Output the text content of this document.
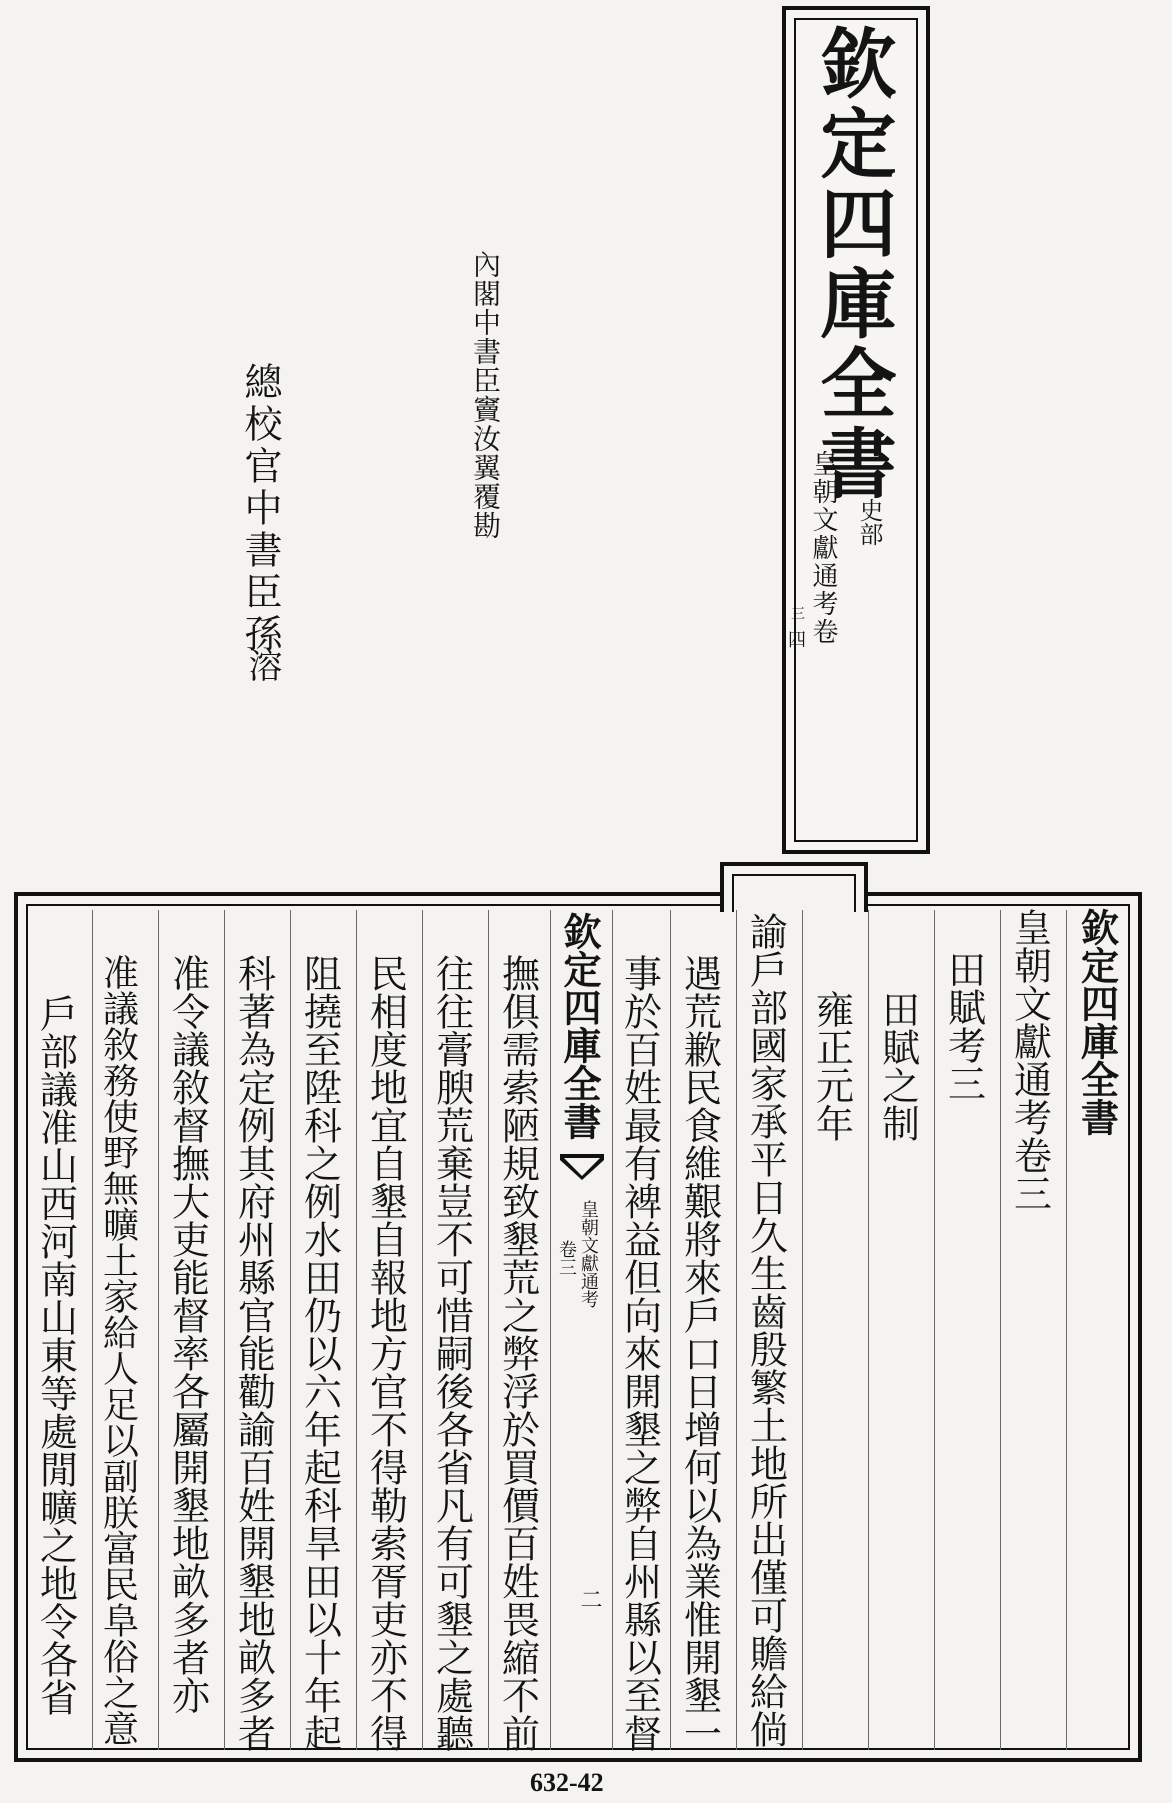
欽定四庫全書
皇朝文獻通考卷
三
四
史部
內閣中書臣竇汝翼覆勘
總校官中書臣孫
溶
欽定四庫全書
皇朝文獻通考卷三
田賦考三
田賦之制
雍正元年
諭戶部國家承平日久生齒殷繁土地所出僅可贍給倘
遇荒歉民食維艱將來戶口日增何以為業惟開墾一
事於百姓最有裨益但向來開墾之弊自州縣以至督
欽定四庫全書
皇朝文獻通考
卷三
二
撫俱需索陋規致墾荒之弊浮於買價百姓畏縮不前
往往膏腴荒棄豈不可惜嗣後各省凡有可墾之處聽
民相度地宜自墾自報地方官不得勒索胥吏亦不得
阻撓至陞科之例水田仍以六年起科旱田以十年起
科著為定例其府州縣官能勸諭百姓開墾地畝多者
准令議敘督撫大吏能督率各屬開墾地畝多者亦
准議敘務使野無曠土家給人足以副朕富民阜俗之意
戶部議准山西河南山東等處閒曠之地令各省
632-42
